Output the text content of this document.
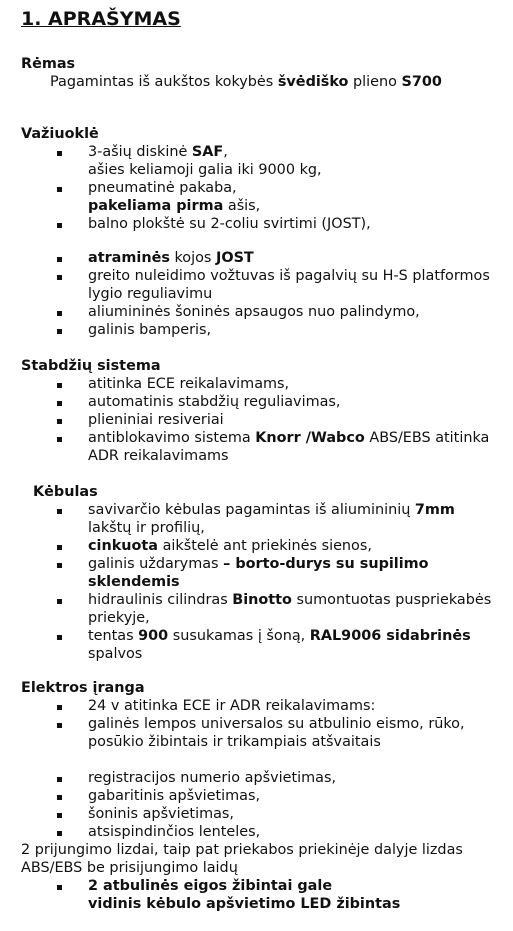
1. APRAŠYMAS
Rėmas
Pagamintas iš aukštos kokybės švėdiško plieno S700
Važiuoklė
3-ašių diskinė SAF,
ašies keliamoji galia iki 9000 kg,
pneumatinė pakaba,
pakeliama pirma ašis,
balno plokštė su 2-coliu svirtimi (JOST),
atraminės kojos JOST
greito nuleidimo vožtuvas iš pagalvių su H-S platformos
lygio reguliavimu
aliumininės šoninės apsaugos nuo palindymo,
galinis bamperis,
Stabdžių sistema
atitinka ECE reikalavimams,
automatinis stabdžių reguliavimas,
plieniniai resiveriai
antiblokavimo sistema Knorr /Wabco ABS/EBS atitinka
ADR reikalavimams
Kėbulas
savivarčio kėbulas pagamintas iš aliumininių 7mm
lakštų ir profilių,
cinkuota aikštelė ant priekinės sienos,
galinis uždarymas – borto-durys su supilimo
sklendemis
hidraulinis cilindras Binotto sumontuotas puspriekabės
priekyje,
tentas 900 susukamas į šoną, RAL9006 sidabrinės
spalvos
Elektros įranga
24 v atitinka ECE ir ADR reikalavimams:
galinės lempos universalos su atbulinio eismo, rūko,
posūkio žibintais ir trikampiais atšvaitais
registracijos numerio apšvietimas,
gabaritinis apšvietimas,
šoninis apšvietimas,
atsispindinčios lenteles,
2 prijungimo lizdai, taip pat priekabos priekinėje dalyje lizdas
ABS/EBS be prisijungimo laidų
2 atbulinės eigos žibintai gale
vidinis kėbulo apšvietimo LED žibintas
